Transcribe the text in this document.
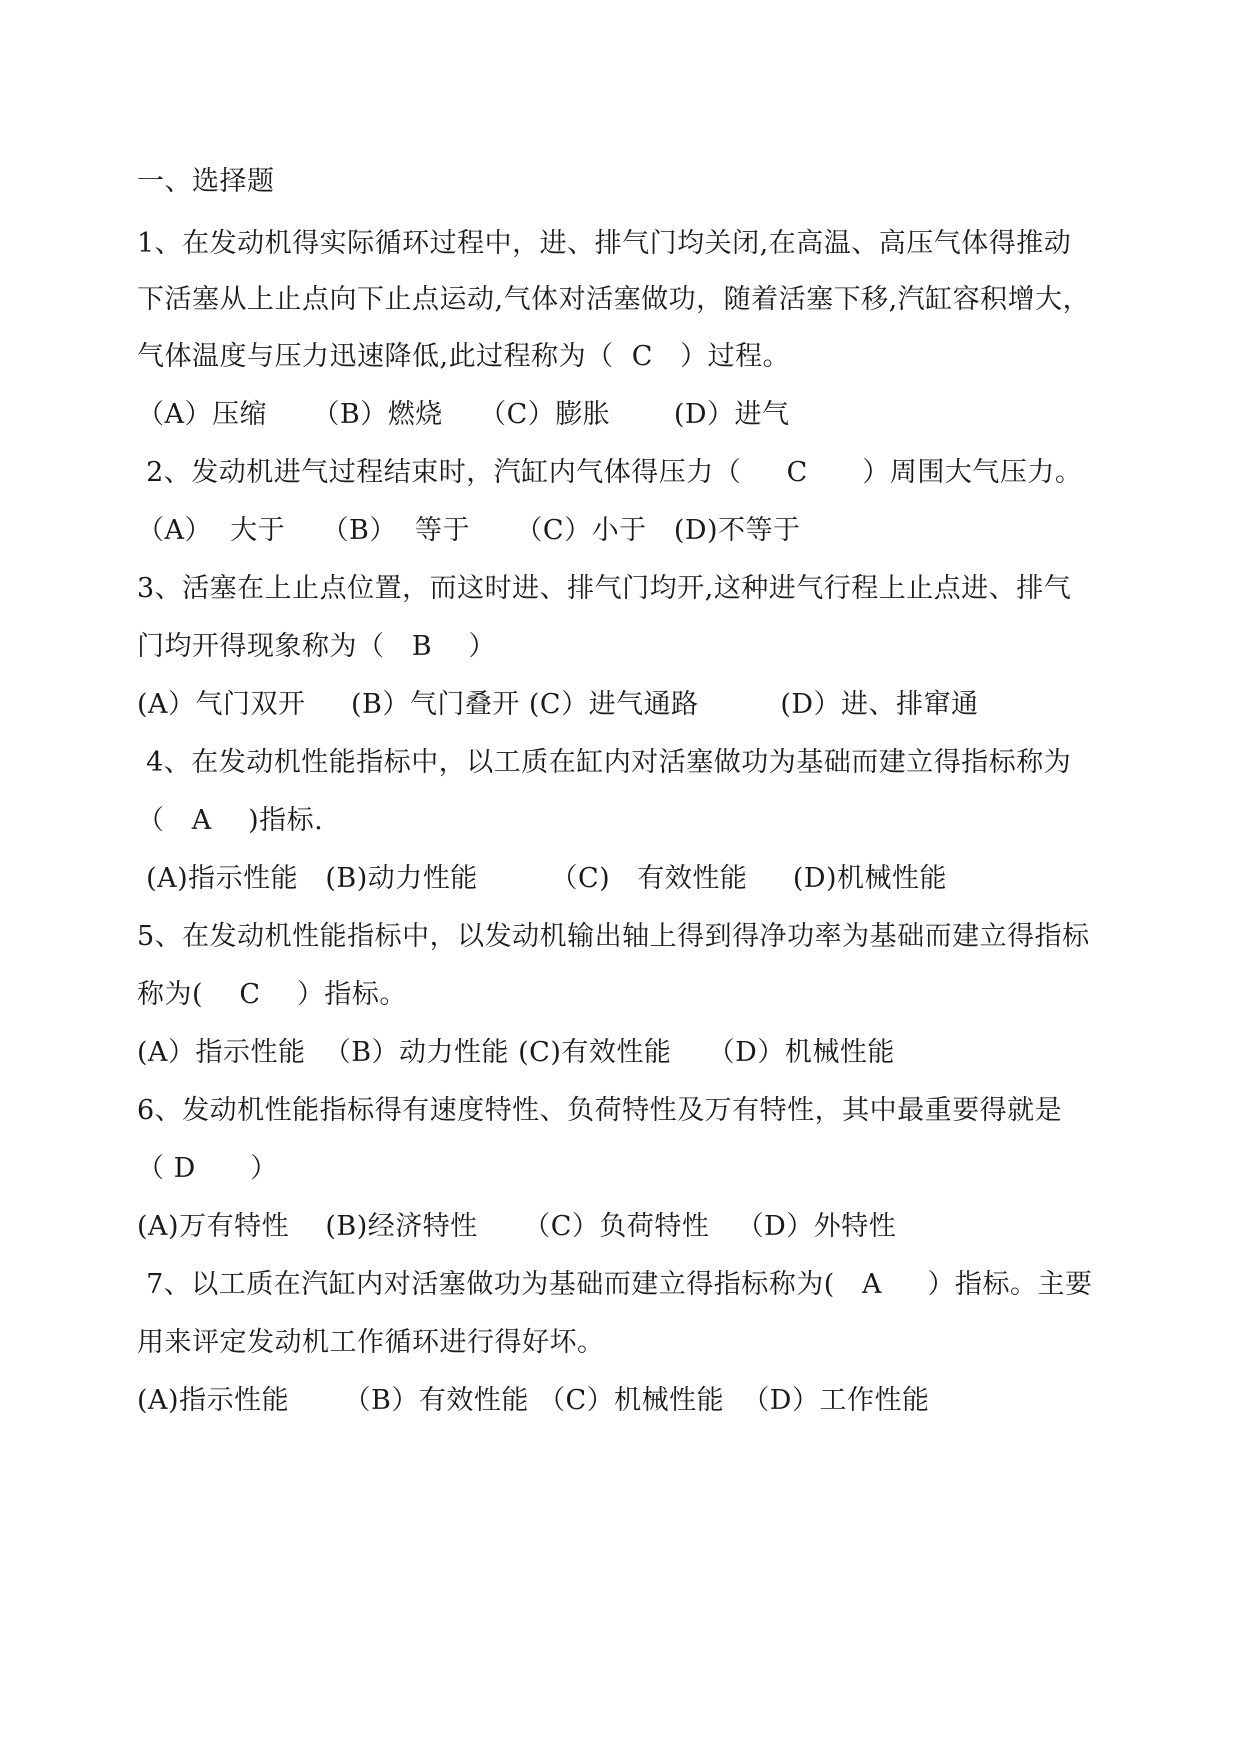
一、选择题
1、在发动机得实际循环过程中，进、排气门均关闭,在高温、高压气体得推动
下活塞从上止点向下止点运动,气体对活塞做功，随着活塞下移,汽缸容积增大，
气体温度与压力迅速降低,此过程称为（  C   ）过程。
（A）压缩     （B）燃烧    （C）膨胀       (D）进气
2、发动机进气过程结束时，汽缸内气体得压力（     C      ）周围大气压力。
（A）  大于    （B）  等于     （C）小于   (D)不等于
3、活塞在上止点位置，而这时进、排气门均开,这种进气行程上止点进、排气
门均开得现象称为（   B    ）
(A）气门双开     (B）气门叠开 (C）进气通路         (D）进、排窜通
4、在发动机性能指标中，以工质在缸内对活塞做功为基础而建立得指标称为
（   A    )指标.
(A)指示性能   (B)动力性能        （C)   有效性能     (D)机械性能
5、在发动机性能指标中，以发动机输出轴上得到得净功率为基础而建立得指标
称为(    C    ）指标。
(A）指示性能  （B）动力性能 (C)有效性能    （D）机械性能
6、发动机性能指标得有速度特性、负荷特性及万有特性，其中最重要得就是
（ D      ）
(A)万有特性    (B)经济特性     （C）负荷特性   （D）外特性
7、以工质在汽缸内对活塞做功为基础而建立得指标称为(   A     ）指标。主要
用来评定发动机工作循环进行得好坏。
(A)指示性能      （B）有效性能 （C）机械性能  （D）工作性能
